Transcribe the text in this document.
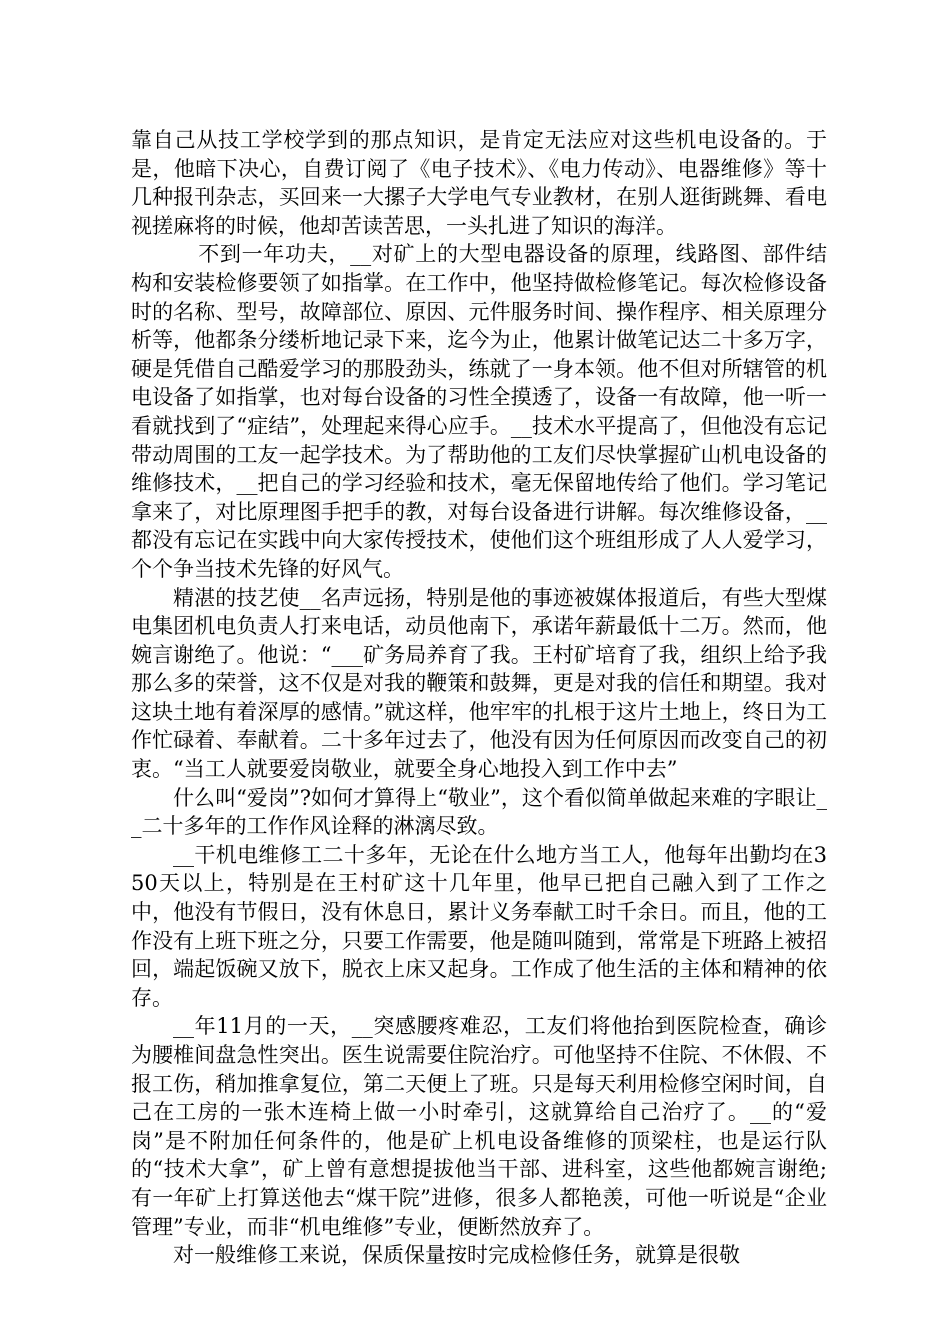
靠自己从技工学校学到的那点知识，是肯定无法应对这些机电设备的。于是，他暗下决心，自费订阅了《电子技术》、《电力传动》、电器维修》等十几种报刊杂志，买回来一大摞子大学电气专业教材，在别人逛街跳舞、看电视搓麻将的时候，他却苦读苦思，一头扎进了知识的海洋。

不到一年功夫，__对矿上的大型电器设备的原理，线路图、部件结构和安装检修要领了如指掌。在工作中，他坚持做检修笔记。每次检修设备时的名称、型号，故障部位、原因、元件服务时间、操作程序、相关原理分析等，他都条分缕析地记录下来，迄今为止，他累计做笔记达二十多万字，硬是凭借自己酷爱学习的那股劲头，练就了一身本领。他不但对所辖管的机电设备了如指掌，也对每台设备的习性全摸透了，设备一有故障，他一听一看就找到了“症结”，处理起来得心应手。__技术水平提高了，但他没有忘记带动周围的工友一起学技术。为了帮助他的工友们尽快掌握矿山机电设备的维修技术，__把自己的学习经验和技术，毫无保留地传给了他们。学习笔记拿来了，对比原理图手把手的教，对每台设备进行讲解。每次维修设备，__都没有忘记在实践中向大家传授技术，使他们这个班组形成了人人爱学习，个个争当技术先锋的好风气。

精湛的技艺使__名声远扬，特别是他的事迹被媒体报道后，有些大型煤电集团机电负责人打来电话，动员他南下，承诺年薪最低十二万。然而，他婉言谢绝了。他说：“___矿务局养育了我。王村矿培育了我，组织上给予我那么多的荣誉，这不仅是对我的鞭策和鼓舞，更是对我的信任和期望。我对这块土地有着深厚的感情。”就这样，他牢牢的扎根于这片土地上，终日为工作忙碌着、奉献着。二十多年过去了，他没有因为任何原因而改变自己的初衷。“当工人就要爱岗敬业，就要全身心地投入到工作中去”

什么叫“爱岗”?如何才算得上“敬业”，这个看似简单做起来难的字眼让__二十多年的工作作风诠释的淋漓尽致。

__干机电维修工二十多年，无论在什么地方当工人，他每年出勤均在350天以上，特别是在王村矿这十几年里，他早已把自己融入到了工作之中，他没有节假日，没有休息日，累计义务奉献工时千余日。而且，他的工作没有上班下班之分，只要工作需要，他是随叫随到，常常是下班路上被招回，端起饭碗又放下，脱衣上床又起身。工作成了他生活的主体和精神的依存。

__年11月的一天，__突感腰疼难忍，工友们将他抬到医院检查，确诊为腰椎间盘急性突出。医生说需要住院治疗。可他坚持不住院、不休假、不报工伤，稍加推拿复位，第二天便上了班。只是每天利用检修空闲时间，自己在工房的一张木连椅上做一小时牵引，这就算给自己治疗了。__的“爱岗”是不附加任何条件的，他是矿上机电设备维修的顶梁柱，也是运行队的“技术大拿”，矿上曾有意想提拔他当干部、进科室，这些他都婉言谢绝;有一年矿上打算送他去“煤干院”进修，很多人都艳羡，可他一听说是“企业管理”专业，而非“机电维修”专业，便断然放弃了。

对一般维修工来说，保质保量按时完成检修任务，就算是很敬
